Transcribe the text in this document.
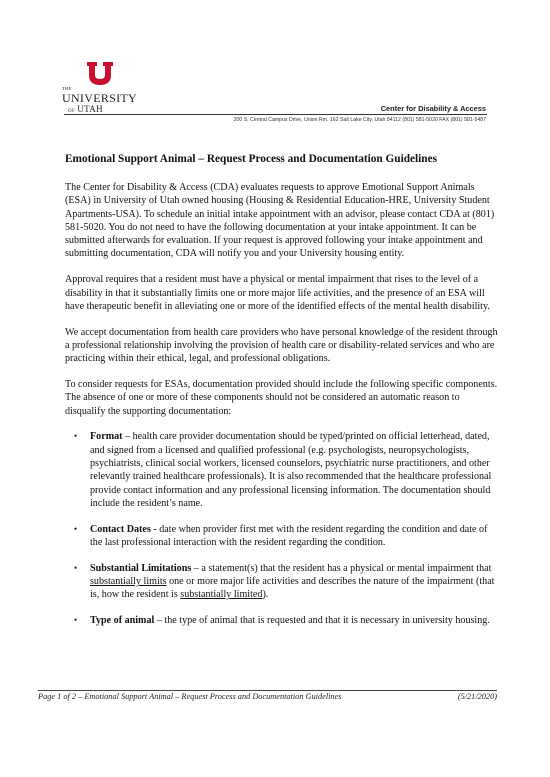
THE
UNIVERSITY
OF UTAH	Center for Disability & Access
200 S. Central Campus Drive, Union Rm. 162 Salt Lake City, Utah 84112 (801) 581-5020 FAX (801) 581-5487
Emotional Support Animal – Request Process and Documentation Guidelines

The Center for Disability & Access (CDA) evaluates requests to approve Emotional Support Animals (ESA) in University of Utah owned housing (Housing & Residential Education-HRE, University Student Apartments-USA). To schedule an initial intake appointment with an advisor, please contact CDA at (801) 581-5020. You do not need to have the following documentation at your intake appointment. It can be submitted afterwards for evaluation. If your request is approved following your intake appointment and submitting documentation, CDA will notify you and your University housing entity.

Approval requires that a resident must have a physical or mental impairment that rises to the level of a disability in that it substantially limits one or more major life activities, and the presence of an ESA will have therapeutic benefit in alleviating one or more of the identified effects of the mental health disability.

We accept documentation from health care providers who have personal knowledge of the resident through a professional relationship involving the provision of health care or disability-related services and who are practicing within their ethical, legal, and professional obligations.

To consider requests for ESAs, documentation provided should include the following specific components. The absence of one or more of these components should not be considered an automatic reason to disqualify the supporting documentation:

• Format – health care provider documentation should be typed/printed on official letterhead, dated, and signed from a licensed and qualified professional (e.g. psychologists, neuropsychologists, psychiatrists, clinical social workers, licensed counselors, psychiatric nurse practitioners, and other relevantly trained healthcare professionals). It is also recommended that the healthcare professional provide contact information and any professional licensing information. The documentation should include the resident’s name.
• Contact Dates - date when provider first met with the resident regarding the condition and date of the last professional interaction with the resident regarding the condition.
• Substantial Limitations – a statement(s) that the resident has a physical or mental impairment that substantially limits one or more major life activities and describes the nature of the impairment (that is, how the resident is substantially limited).
• Type of animal – the type of animal that is requested and that it is necessary in university housing.
Page 1 of 2 – Emotional Support Animal – Request Process and Documentation Guidelines	(5/21/2020)
